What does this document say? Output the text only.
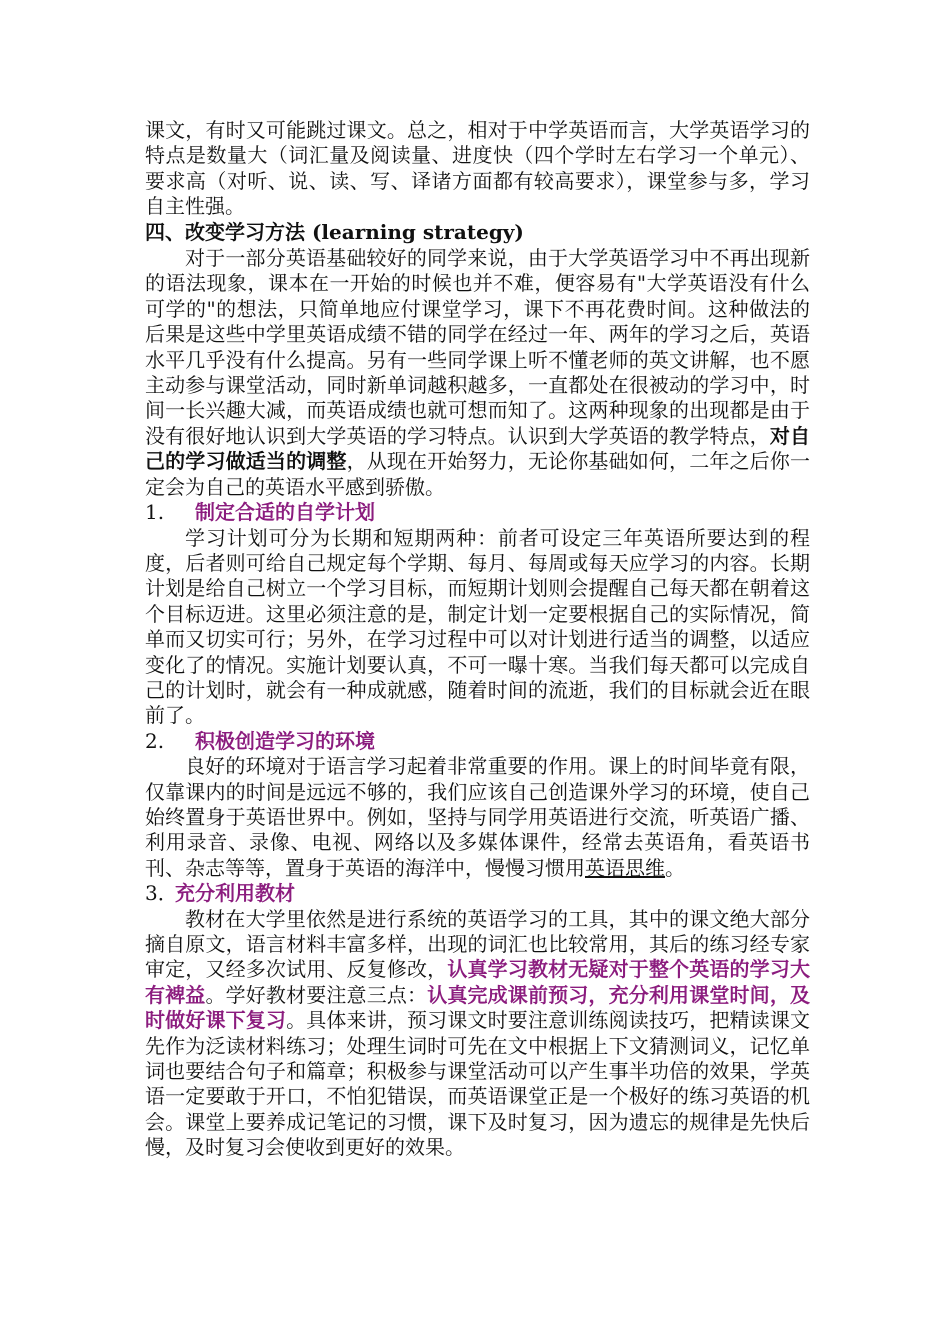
课文，有时又可能跳过课文。总之，相对于中学英语而言，大学英语学习的特点是数量大（词汇量及阅读量、进度快（四个学时左右学习一个单元）、要求高（对听、说、读、写、译诸方面都有较高要求），课堂参与多，学习自主性强。

四、改变学习方法 (learning strategy)

对于一部分英语基础较好的同学来说，由于大学英语学习中不再出现新的语法现象，课本在一开始的时候也并不难，便容易有"大学英语没有什么可学的"的想法，只简单地应付课堂学习，课下不再花费时间。这种做法的后果是这些中学里英语成绩不错的同学在经过一年、两年的学习之后，英语水平几乎没有什么提高。另有一些同学课上听不懂老师的英文讲解，也不愿主动参与课堂活动，同时新单词越积越多，一直都处在很被动的学习中，时间一长兴趣大减，而英语成绩也就可想而知了。这两种现象的出现都是由于没有很好地认识到大学英语的学习特点。认识到大学英语的教学特点，对自己的学习做适当的调整，从现在开始努力，无论你基础如何，二年之后你一定会为自己的英语水平感到骄傲。

1. 制定合适的自学计划

学习计划可分为长期和短期两种：前者可设定三年英语所要达到的程度，后者则可给自己规定每个学期、每月、每周或每天应学习的内容。长期计划是给自己树立一个学习目标，而短期计划则会提醒自己每天都在朝着这个目标迈进。这里必须注意的是，制定计划一定要根据自己的实际情况，简单而又切实可行；另外，在学习过程中可以对计划进行适当的调整，以适应变化了的情况。实施计划要认真，不可一曝十寒。当我们每天都可以完成自己的计划时，就会有一种成就感，随着时间的流逝，我们的目标就会近在眼前了。

2. 积极创造学习的环境

良好的环境对于语言学习起着非常重要的作用。课上的时间毕竟有限，仅靠课内的时间是远远不够的，我们应该自己创造课外学习的环境，使自己始终置身于英语世界中。例如，坚持与同学用英语进行交流，听英语广播、利用录音、录像、电视、网络以及多媒体课件，经常去英语角，看英语书刊、杂志等等，置身于英语的海洋中，慢慢习惯用英语思维。

3．充分利用教材

教材在大学里依然是进行系统的英语学习的工具，其中的课文绝大部分摘自原文，语言材料丰富多样，出现的词汇也比较常用，其后的练习经专家审定，又经多次试用、反复修改，认真学习教材无疑对于整个英语的学习大有裨益。学好教材要注意三点：认真完成课前预习，充分利用课堂时间，及时做好课下复习。具体来讲，预习课文时要注意训练阅读技巧，把精读课文先作为泛读材料练习；处理生词时可先在文中根据上下文猜测词义，记忆单词也要结合句子和篇章；积极参与课堂活动可以产生事半功倍的效果，学英语一定要敢于开口，不怕犯错误，而英语课堂正是一个极好的练习英语的机会。课堂上要养成记笔记的习惯，课下及时复习，因为遗忘的规律是先快后慢，及时复习会使收到更好的效果。
